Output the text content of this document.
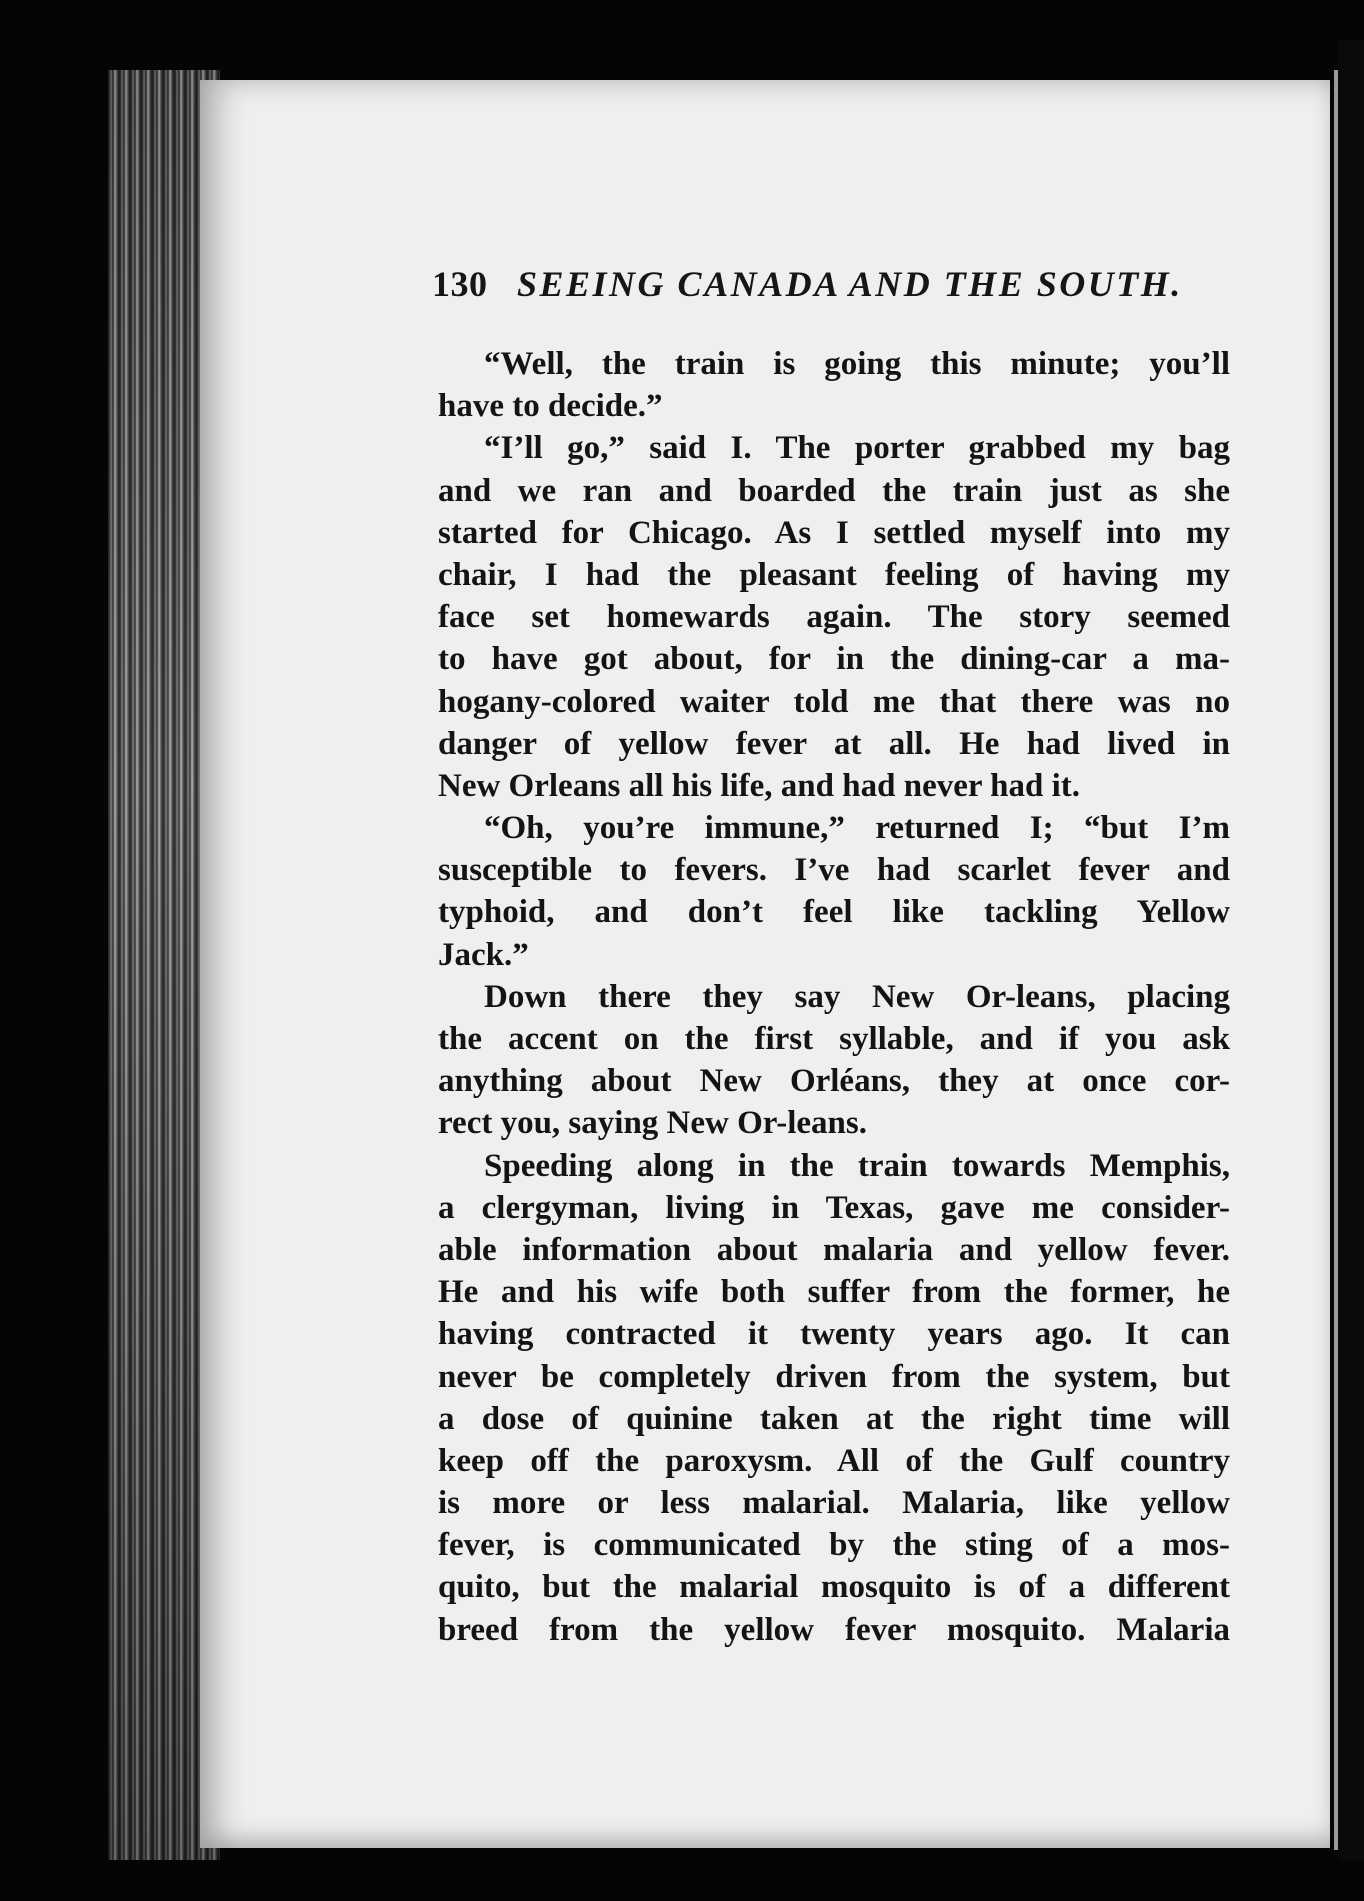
130 SEEING CANADA AND THE SOUTH.
“Well, the train is going this minute; you’ll
have to decide.”
“I’ll go,” said I. The porter grabbed my bag
and we ran and boarded the train just as she
started for Chicago. As I settled myself into my
chair, I had the pleasant feeling of having my
face set homewards again. The story seemed
to have got about, for in the dining-car a ma-
hogany-colored waiter told me that there was no
danger of yellow fever at all. He had lived in
New Orleans all his life, and had never had it.
“Oh, you’re immune,” returned I; “but I’m
susceptible to fevers. I’ve had scarlet fever and
typhoid, and don’t feel like tackling Yellow
Jack.”
Down there they say New Or-leans, placing
the accent on the first syllable, and if you ask
anything about New Orléans, they at once cor-
rect you, saying New Or-leans.
Speeding along in the train towards Memphis,
a clergyman, living in Texas, gave me consider-
able information about malaria and yellow fever.
He and his wife both suffer from the former, he
having contracted it twenty years ago. It can
never be completely driven from the system, but
a dose of quinine taken at the right time will
keep off the paroxysm. All of the Gulf country
is more or less malarial. Malaria, like yellow
fever, is communicated by the sting of a mos-
quito, but the malarial mosquito is of a different
breed from the yellow fever mosquito. Malaria
